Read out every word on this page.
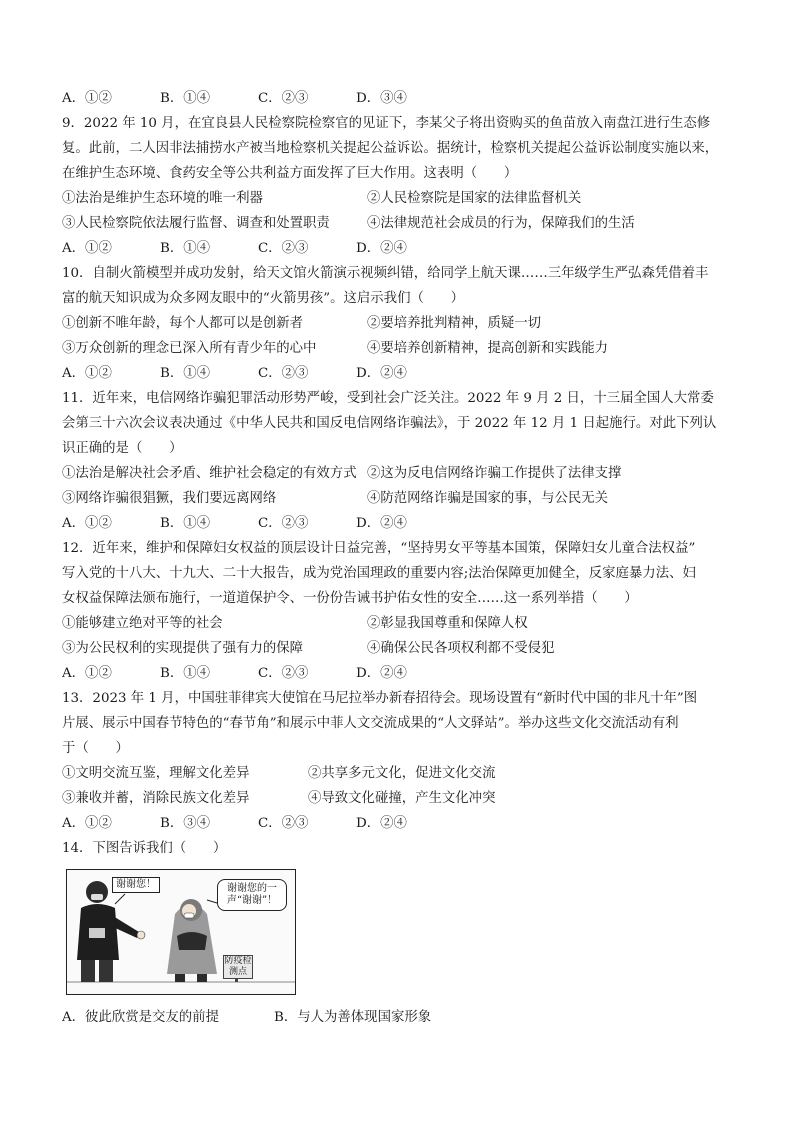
A．①②	B．①④	C．②③	D．③④
9．2022 年 10 月，在宜良县人民检察院检察官的见证下，李某父子将出资购买的鱼苗放入南盘江进行生态修
复。此前，二人因非法捕捞水产被当地检察机关提起公益诉讼。据统计，检察机关提起公益诉讼制度实施以来，
在维护生态环境、食药安全等公共利益方面发挥了巨大作用。这表明（　　）
①法治是维护生态环境的唯一利器	②人民检察院是国家的法律监督机关
③人民检察院依法履行监督、调查和处置职责	④法律规范社会成员的行为，保障我们的生活
A．①②	B．①④	C．②③	D．②④
10．自制火箭模型并成功发射，给天文馆火箭演示视频纠错，给同学上航天课……三年级学生严弘森凭借着丰
富的航天知识成为众多网友眼中的“火箭男孩”。这启示我们（　　）
①创新不唯年龄，每个人都可以是创新者	②要培养批判精神，质疑一切
③万众创新的理念已深入所有青少年的心中	④要培养创新精神，提高创新和实践能力
A．①②	B．①④	C．②③	D．②④
11．近年来，电信网络诈骗犯罪活动形势严峻，受到社会广泛关注。2022 年 9 月 2 日，十三届全国人大常委
会第三十六次会议表决通过《中华人民共和国反电信网络诈骗法》，于 2022 年 12 月 1 日起施行。对此下列认
识正确的是（　　）
①法治是解决社会矛盾、维护社会稳定的有效方式 ②这为反电信网络诈骗工作提供了法律支撑
③网络诈骗很猖獗，我们要远离网络	④防范网络诈骗是国家的事，与公民无关
A．①②	B．①④	C．②③	D．②④
12．近年来，维护和保障妇女权益的顶层设计日益完善，“坚持男女平等基本国策，保障妇女儿童合法权益”
写入党的十八大、十九大、二十大报告，成为党治国理政的重要内容;法治保障更加健全，反家庭暴力法、妇
女权益保障法颁布施行，一道道保护令、一份份告诫书护佑女性的安全……这一系列举措（　　）
①能够建立绝对平等的社会	②彰显我国尊重和保障人权
③为公民权利的实现提供了强有力的保障	④确保公民各项权利都不受侵犯
A．①②	B．①④	C．②③	D．②④
13．2023 年 1 月，中国驻菲律宾大使馆在马尼拉举办新春招待会。现场设置有“新时代中国的非凡十年”图
片展、展示中国春节特色的“春节角”和展示中菲人文交流成果的“人文驿站”。举办这些文化交流活动有利
于（　　）
①文明交流互鉴，理解文化差异	②共享多元文化，促进文化交流
③兼收并蓄，消除民族文化差异	④导致文化碰撞，产生文化冲突
A．①②	B．③④	C．②③	D．②④
14．下图告诉我们（　　）
谢谢您！	谢谢您的一
声“谢谢”！
防疫检
测点
A．彼此欣赏是交友的前提	B．与人为善体现国家形象
